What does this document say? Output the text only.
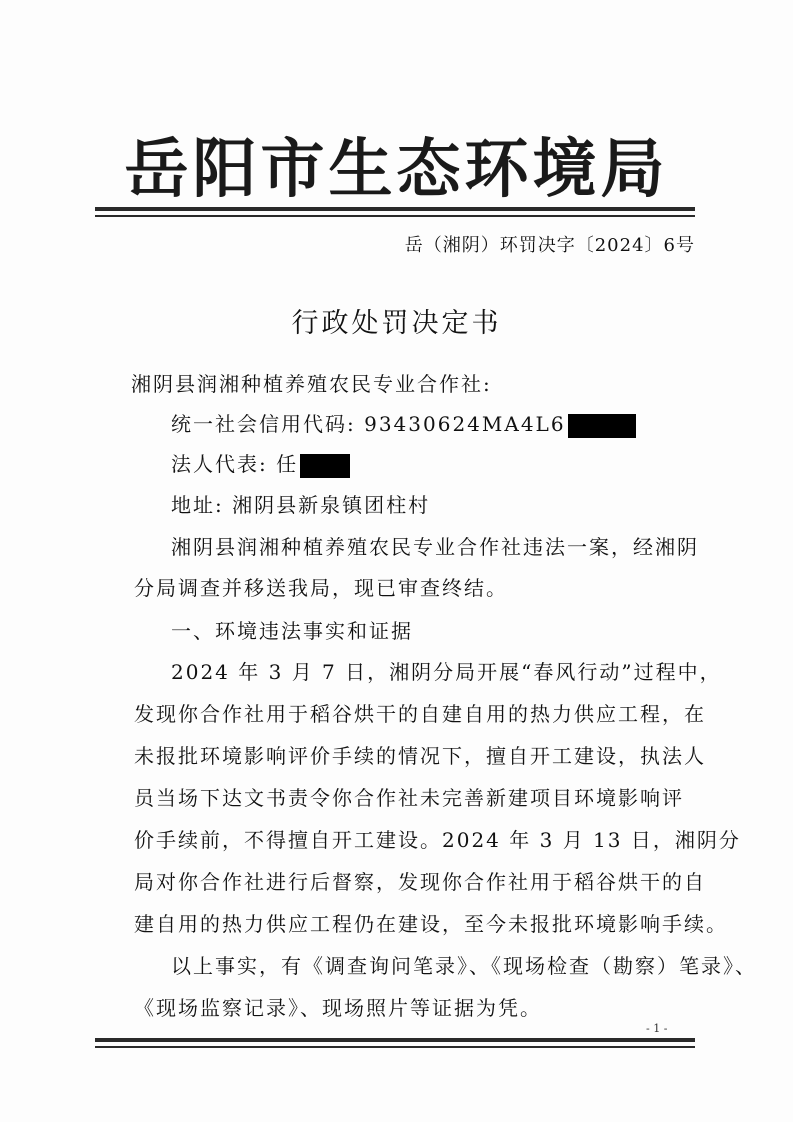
岳阳市生态环境局
岳（湘阴）环罚决字〔2024〕6号
行政处罚决定书
湘阴县润湘种植养殖农民专业合作社:
统一社会信用代码: 93430624MA4L6
法人代表: 任
地址: 湘阴县新泉镇团柱村
湘阴县润湘种植养殖农民专业合作社违法一案，经湘阴
分局调查并移送我局，现已审查终结。
一、环境违法事实和证据
2024 年 3 月 7 日，湘阴分局开展“春风行动”过程中，
发现你合作社用于稻谷烘干的自建自用的热力供应工程，在
未报批环境影响评价手续的情况下，擅自开工建设，执法人
员当场下达文书责令你合作社未完善新建项目环境影响评
价手续前，不得擅自开工建设。2024 年 3 月 13 日，湘阴分
局对你合作社进行后督察，发现你合作社用于稻谷烘干的自
建自用的热力供应工程仍在建设，至今未报批环境影响手续。
以上事实，有《调查询问笔录》、《现场检查（勘察）笔录》、
《现场监察记录》、现场照片等证据为凭。
- 1 -
